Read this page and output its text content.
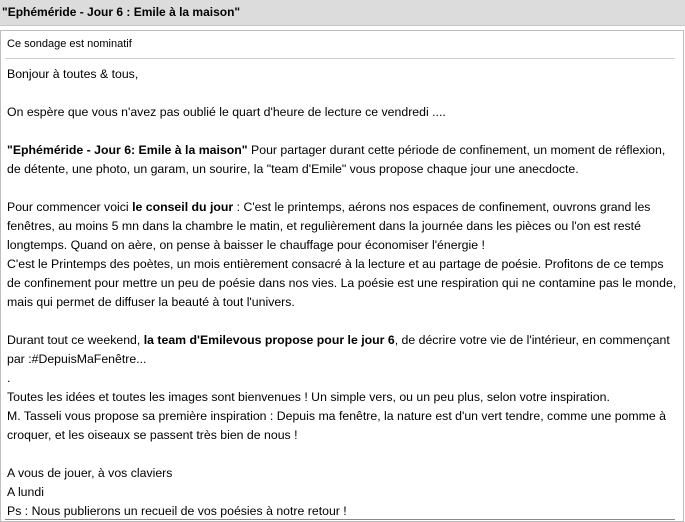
"Ephéméride - Jour 6 : Emile à la maison"
Ce sondage est nominatif

Bonjour à toutes & tous,

On espère que vous n'avez pas oublié le quart d'heure de lecture ce vendredi ....

"Ephéméride - Jour 6: Emile à la maison" Pour partager durant cette période de confinement, un moment de réflexion, de détente, une photo, un garam, un sourire, la "team d'Emile" vous propose chaque jour une anecdocte.

Pour commencer voici le conseil du jour : C'est le printemps, aérons nos espaces de confinement, ouvrons grand les fenêtres, au moins 5 mn dans la chambre le matin, et regulièrement dans la journée dans les pièces ou l'on est resté longtemps. Quand on aère, on pense à baisser le chauffage pour économiser l'énergie !

C'est le Printemps des poètes, un mois entièrement consacré à la lecture et au partage de poésie. Profitons de ce temps de confinement pour mettre un peu de poésie dans nos vies. La poésie est une respiration qui ne contamine pas le monde, mais qui permet de diffuser la beauté à tout l'univers.

Durant tout ce weekend, la team d'Emilevous propose pour le jour 6, de décrire votre vie de l'intérieur, en commençant par :#DepuisMaFenêtre...

.

Toutes les idées et toutes les images sont bienvenues ! Un simple vers, ou un peu plus, selon votre inspiration.

M. Tasseli vous propose sa première inspiration : Depuis ma fenêtre, la nature est d'un vert tendre, comme une pomme à croquer, et les oiseaux se passent très bien de nous !

A vous de jouer, à vos claviers

A lundi

Ps : Nous publierons un recueil de vos poésies à notre retour !
